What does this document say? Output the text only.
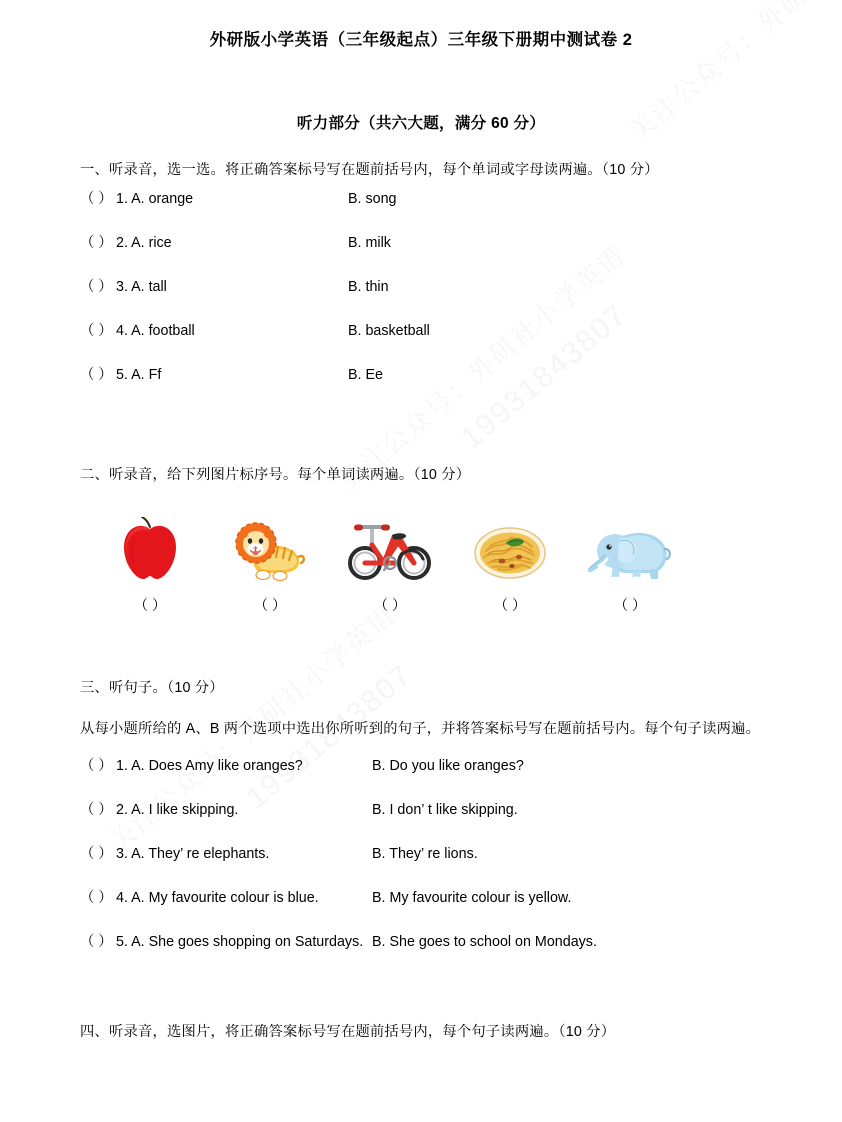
外研版小学英语（三年级起点）三年级下册期中测试卷 2
听力部分（共六大题，满分 60 分）
一、听录音，选一选。将正确答案标号写在题前括号内，每个单词或字母读两遍。（10 分）
（ ） 1. A. orange	B. song
（ ） 2. A. rice	B. milk
（ ） 3. A. tall	B. thin
（ ） 4. A. football	B. basketball
（ ） 5. A. Ff	B. Ee
二、听录音，给下列图片标序号。每个单词读两遍。（10 分）
（ ）	（ ）	（ ）	（ ）	（ ）
三、听句子。（10 分）
从每小题所给的 A、B 两个选项中选出你所听到的句子，并将答案标号写在题前括号内。每个句子读两遍。
（ ） 1. A. Does Amy like oranges?	B. Do you like oranges?
（ ） 2. A. I like skipping.	B. I don’ t like skipping.
（ ） 3. A. They’ re elephants.	B. They’ re lions.
（ ） 4. A. My favourite colour is blue.	B. My favourite colour is yellow.
（ ） 5. A. She goes shopping on Saturdays. B. She goes to school on Mondays.
四、听录音，选图片，将正确答案标号写在题前括号内，每个句子读两遍。（10 分）
